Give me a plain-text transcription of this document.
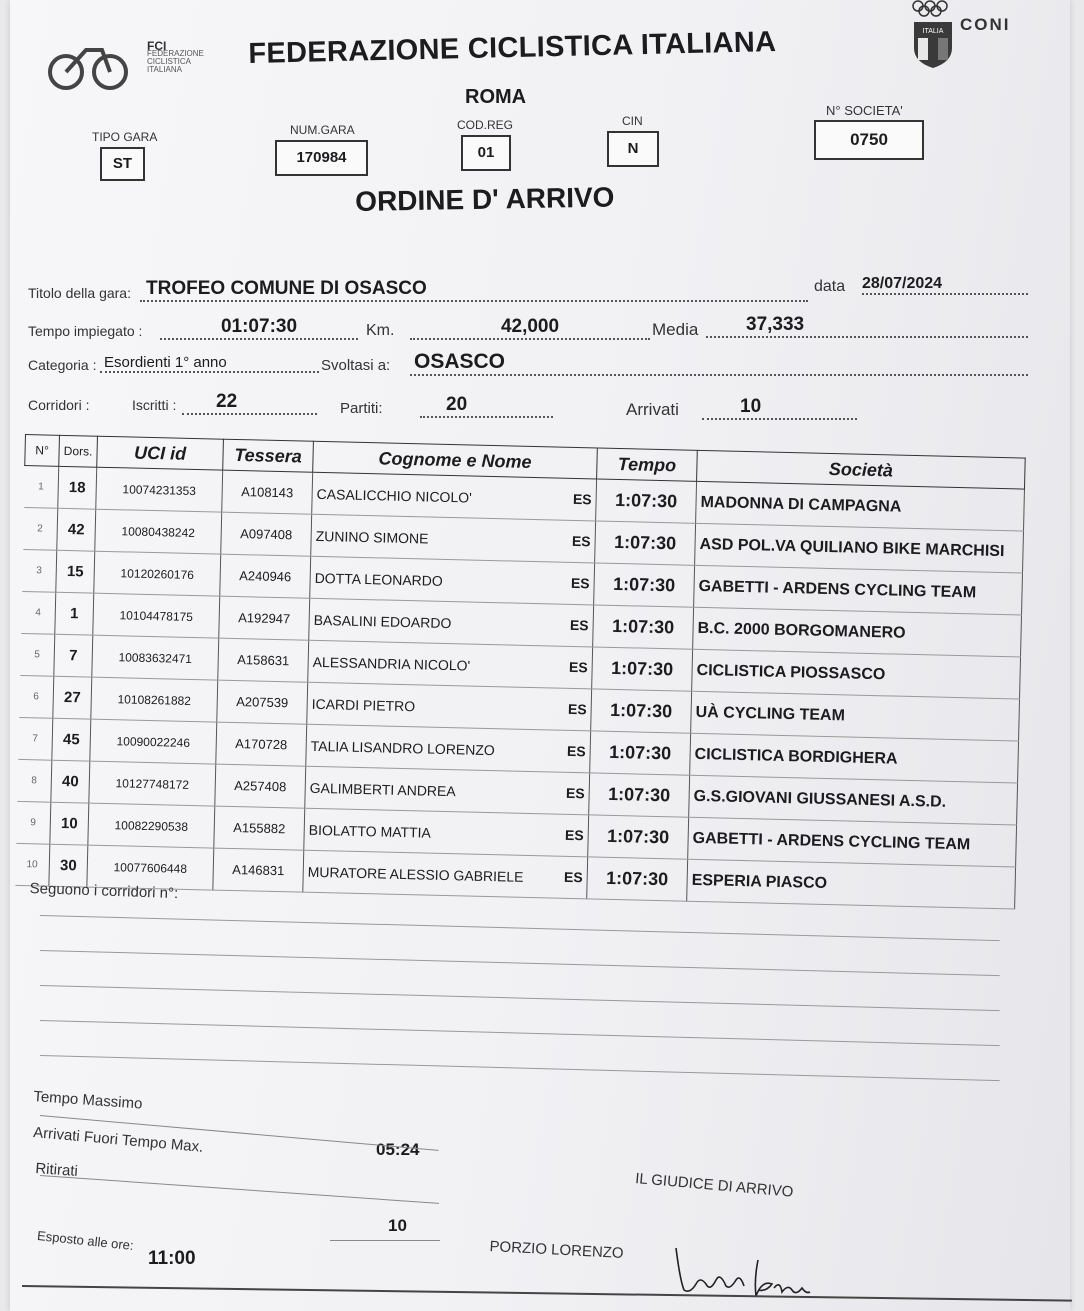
FCI
FEDERAZIONE
CICLISTICA
ITALIANA	FEDERAZIONE CICLISTICA ITALIANA
ROMA
ITALIA CONI
TIPO GARA
ST
NUM.GARA
170984
COD.REG
01
CIN
N
N° SOCIETA'
0750
ORDINE D' ARRIVO
Titolo della gara: TROFEO COMUNE DI OSASCO	data 28/07/2024
Tempo impiegato :	01:07:30	Km.	42,000	Media	37,333
Categoria : Esordienti 1° anno	Svoltasi a: OSASCO
Corridori :	Iscritti :	22	Partiti:	20	Arrivati	10
N°	Dors.	UCI id	Tessera	Cognome e Nome	Tempo	Società
1	18	10074231353	A108143	CASALICCHIO NICOLO' ES	1:07:30	MADONNA DI CAMPAGNA
2	42	10080438242	A097408	ZUNINO SIMONE ES	1:07:30	ASD POL.VA QUILIANO BIKE MARCHISI
3	15	10120260176	A240946	DOTTA LEONARDO ES	1:07:30	GABETTI - ARDENS CYCLING TEAM
4	1	10104478175	A192947	BASALINI EDOARDO ES	1:07:30	B.C. 2000 BORGOMANERO
5	7	10083632471	A158631	ALESSANDRIA NICOLO' ES	1:07:30	CICLISTICA PIOSSASCO
6	27	10108261882	A207539	ICARDI PIETRO ES	1:07:30	UÀ CYCLING TEAM
7	45	10090022246	A170728	TALIA LISANDRO LORENZO ES	1:07:30	CICLISTICA BORDIGHERA
8	40	10127748172	A257408	GALIMBERTI ANDREA ES	1:07:30	G.S.GIOVANI GIUSSANESI A.S.D.
9	10	10082290538	A155882	BIOLATTO MATTIA ES	1:07:30	GABETTI - ARDENS CYCLING TEAM
10	30	10077606448	A146831	MURATORE ALESSIO GABRIELE ES	1:07:30	ESPERIA PIASCO
Seguono i corridori n°:
Tempo Massimo
Arrivati Fuori Tempo Max.	05:24
Ritirati
10
Esposto alle ore:
11:00
IL GIUDICE DI ARRIVO
PORZIO LORENZO
